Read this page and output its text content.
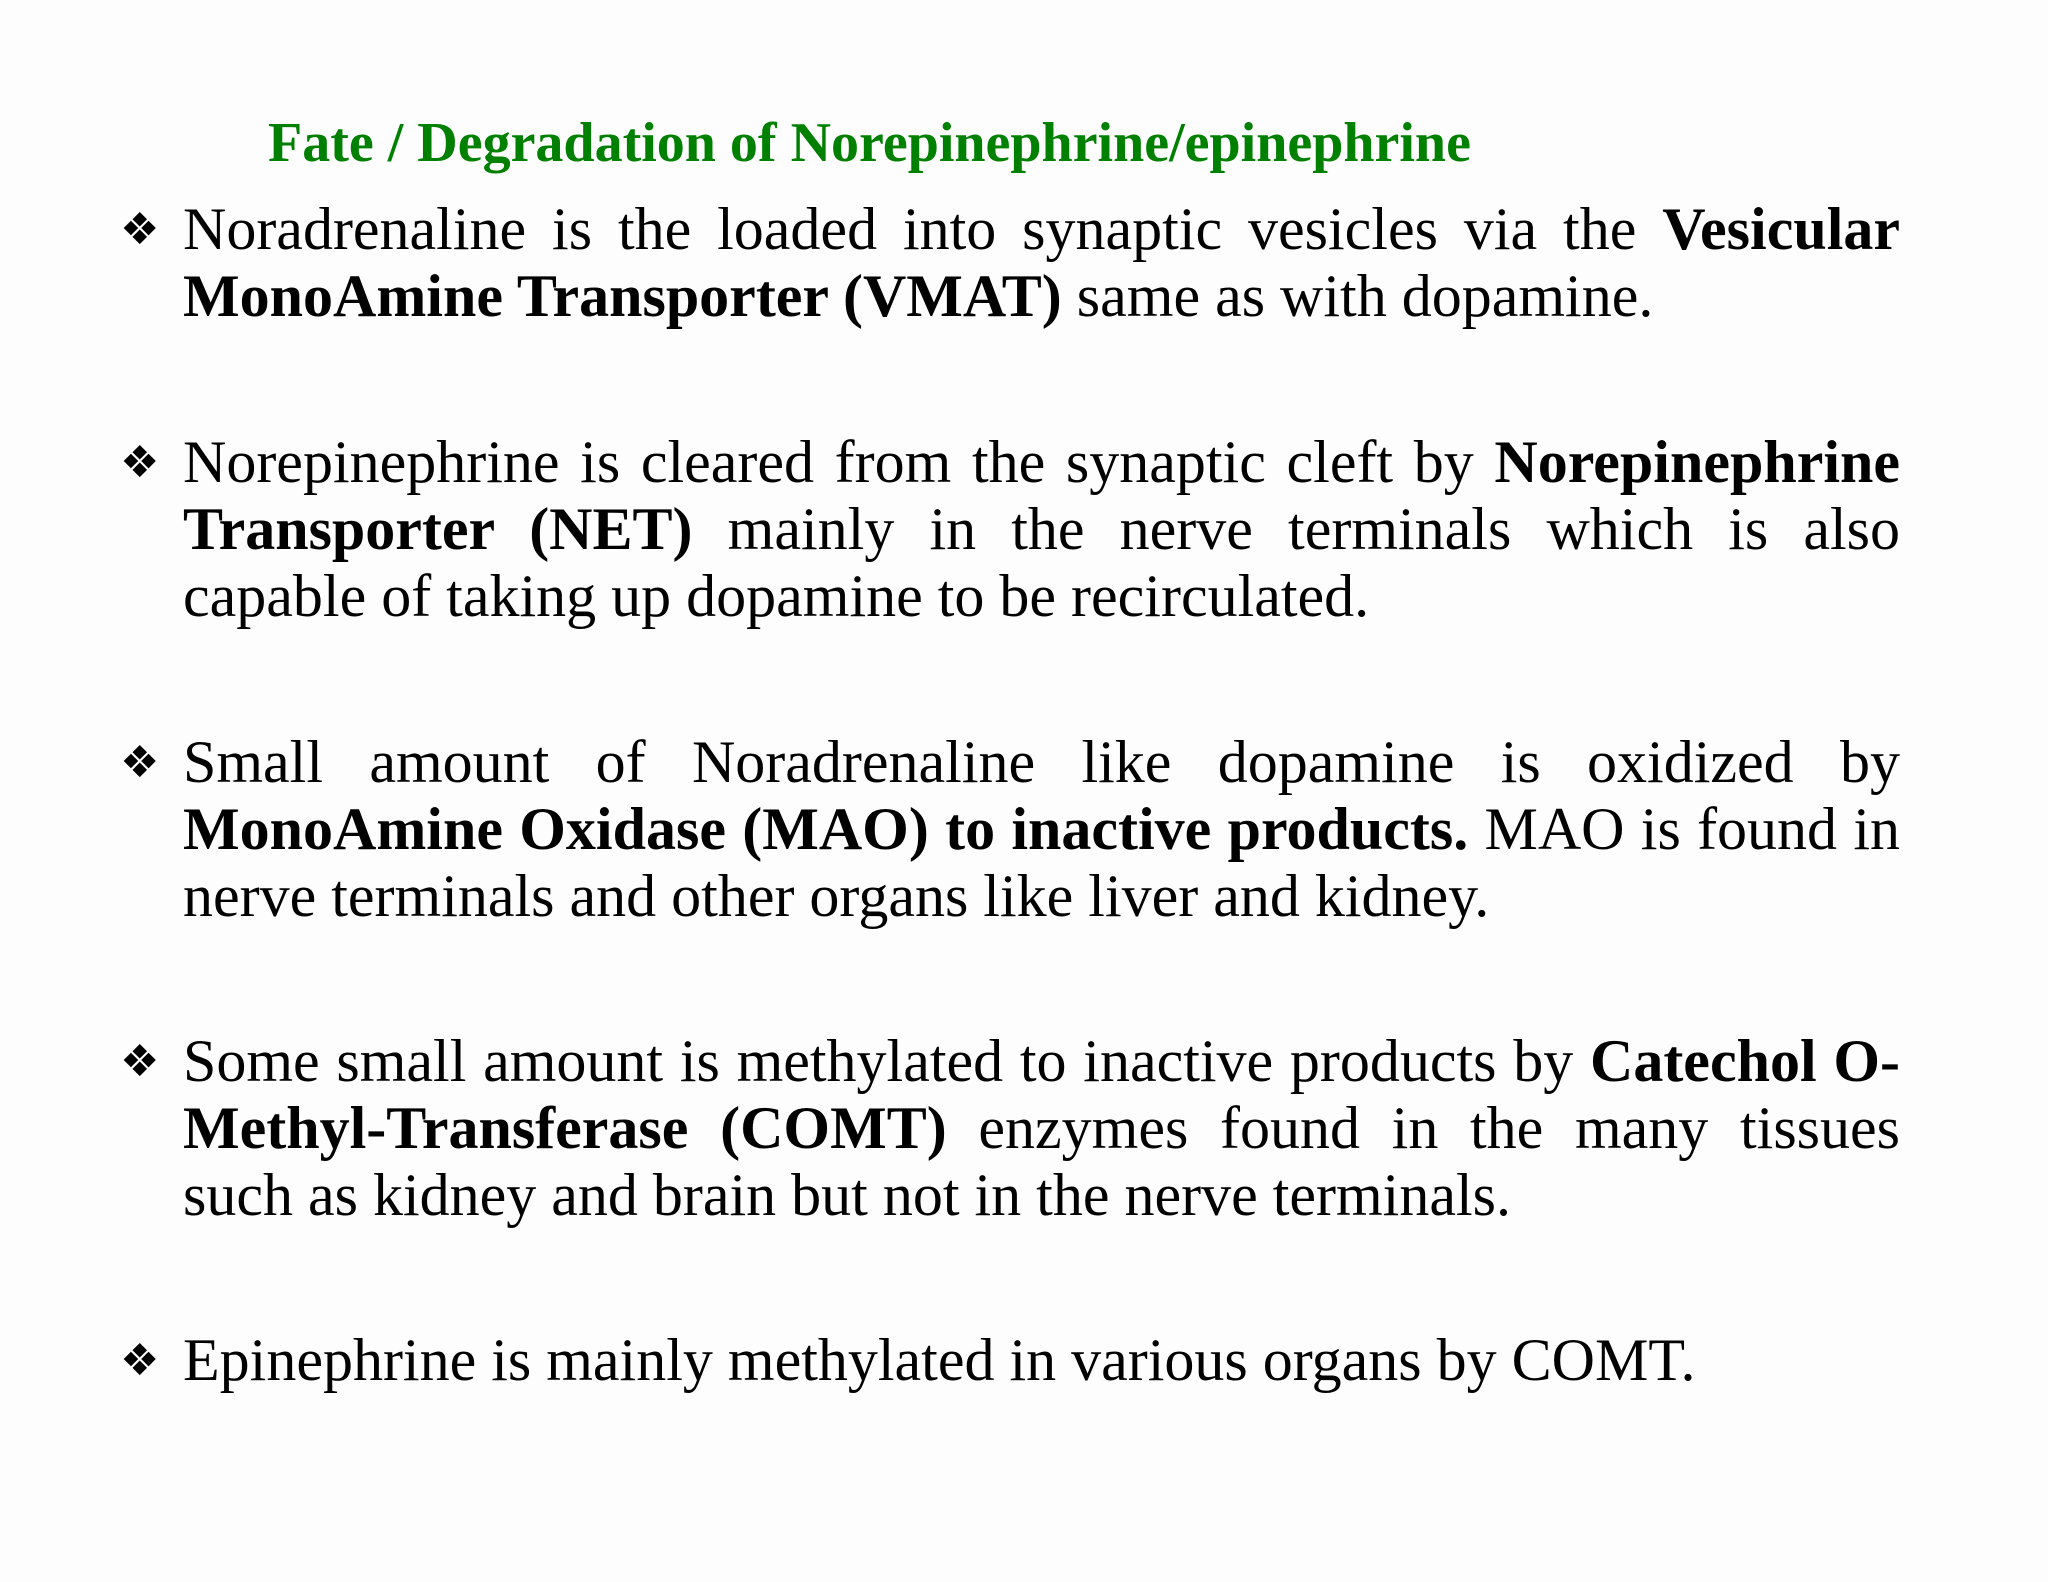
Fate / Degradation of Norepinephrine/epinephrine
❖ Noradrenaline is the loaded into synaptic vesicles via the Vesicular MonoAmine Transporter (VMAT) same as with dopamine.

❖ Norepinephrine is cleared from the synaptic cleft by Norepinephrine Transporter (NET) mainly in the nerve terminals which is also capable of taking up dopamine to be recirculated.

❖ Small amount of Noradrenaline like dopamine is oxidized by MonoAmine Oxidase (MAO) to inactive products. MAO is found in nerve terminals and other organs like liver and kidney.

❖ Some small amount is methylated to inactive products by Catechol O-Methyl-Transferase (COMT) enzymes found in the many tissues such as kidney and brain but not in the nerve terminals.

❖ Epinephrine is mainly methylated in various organs by COMT.
